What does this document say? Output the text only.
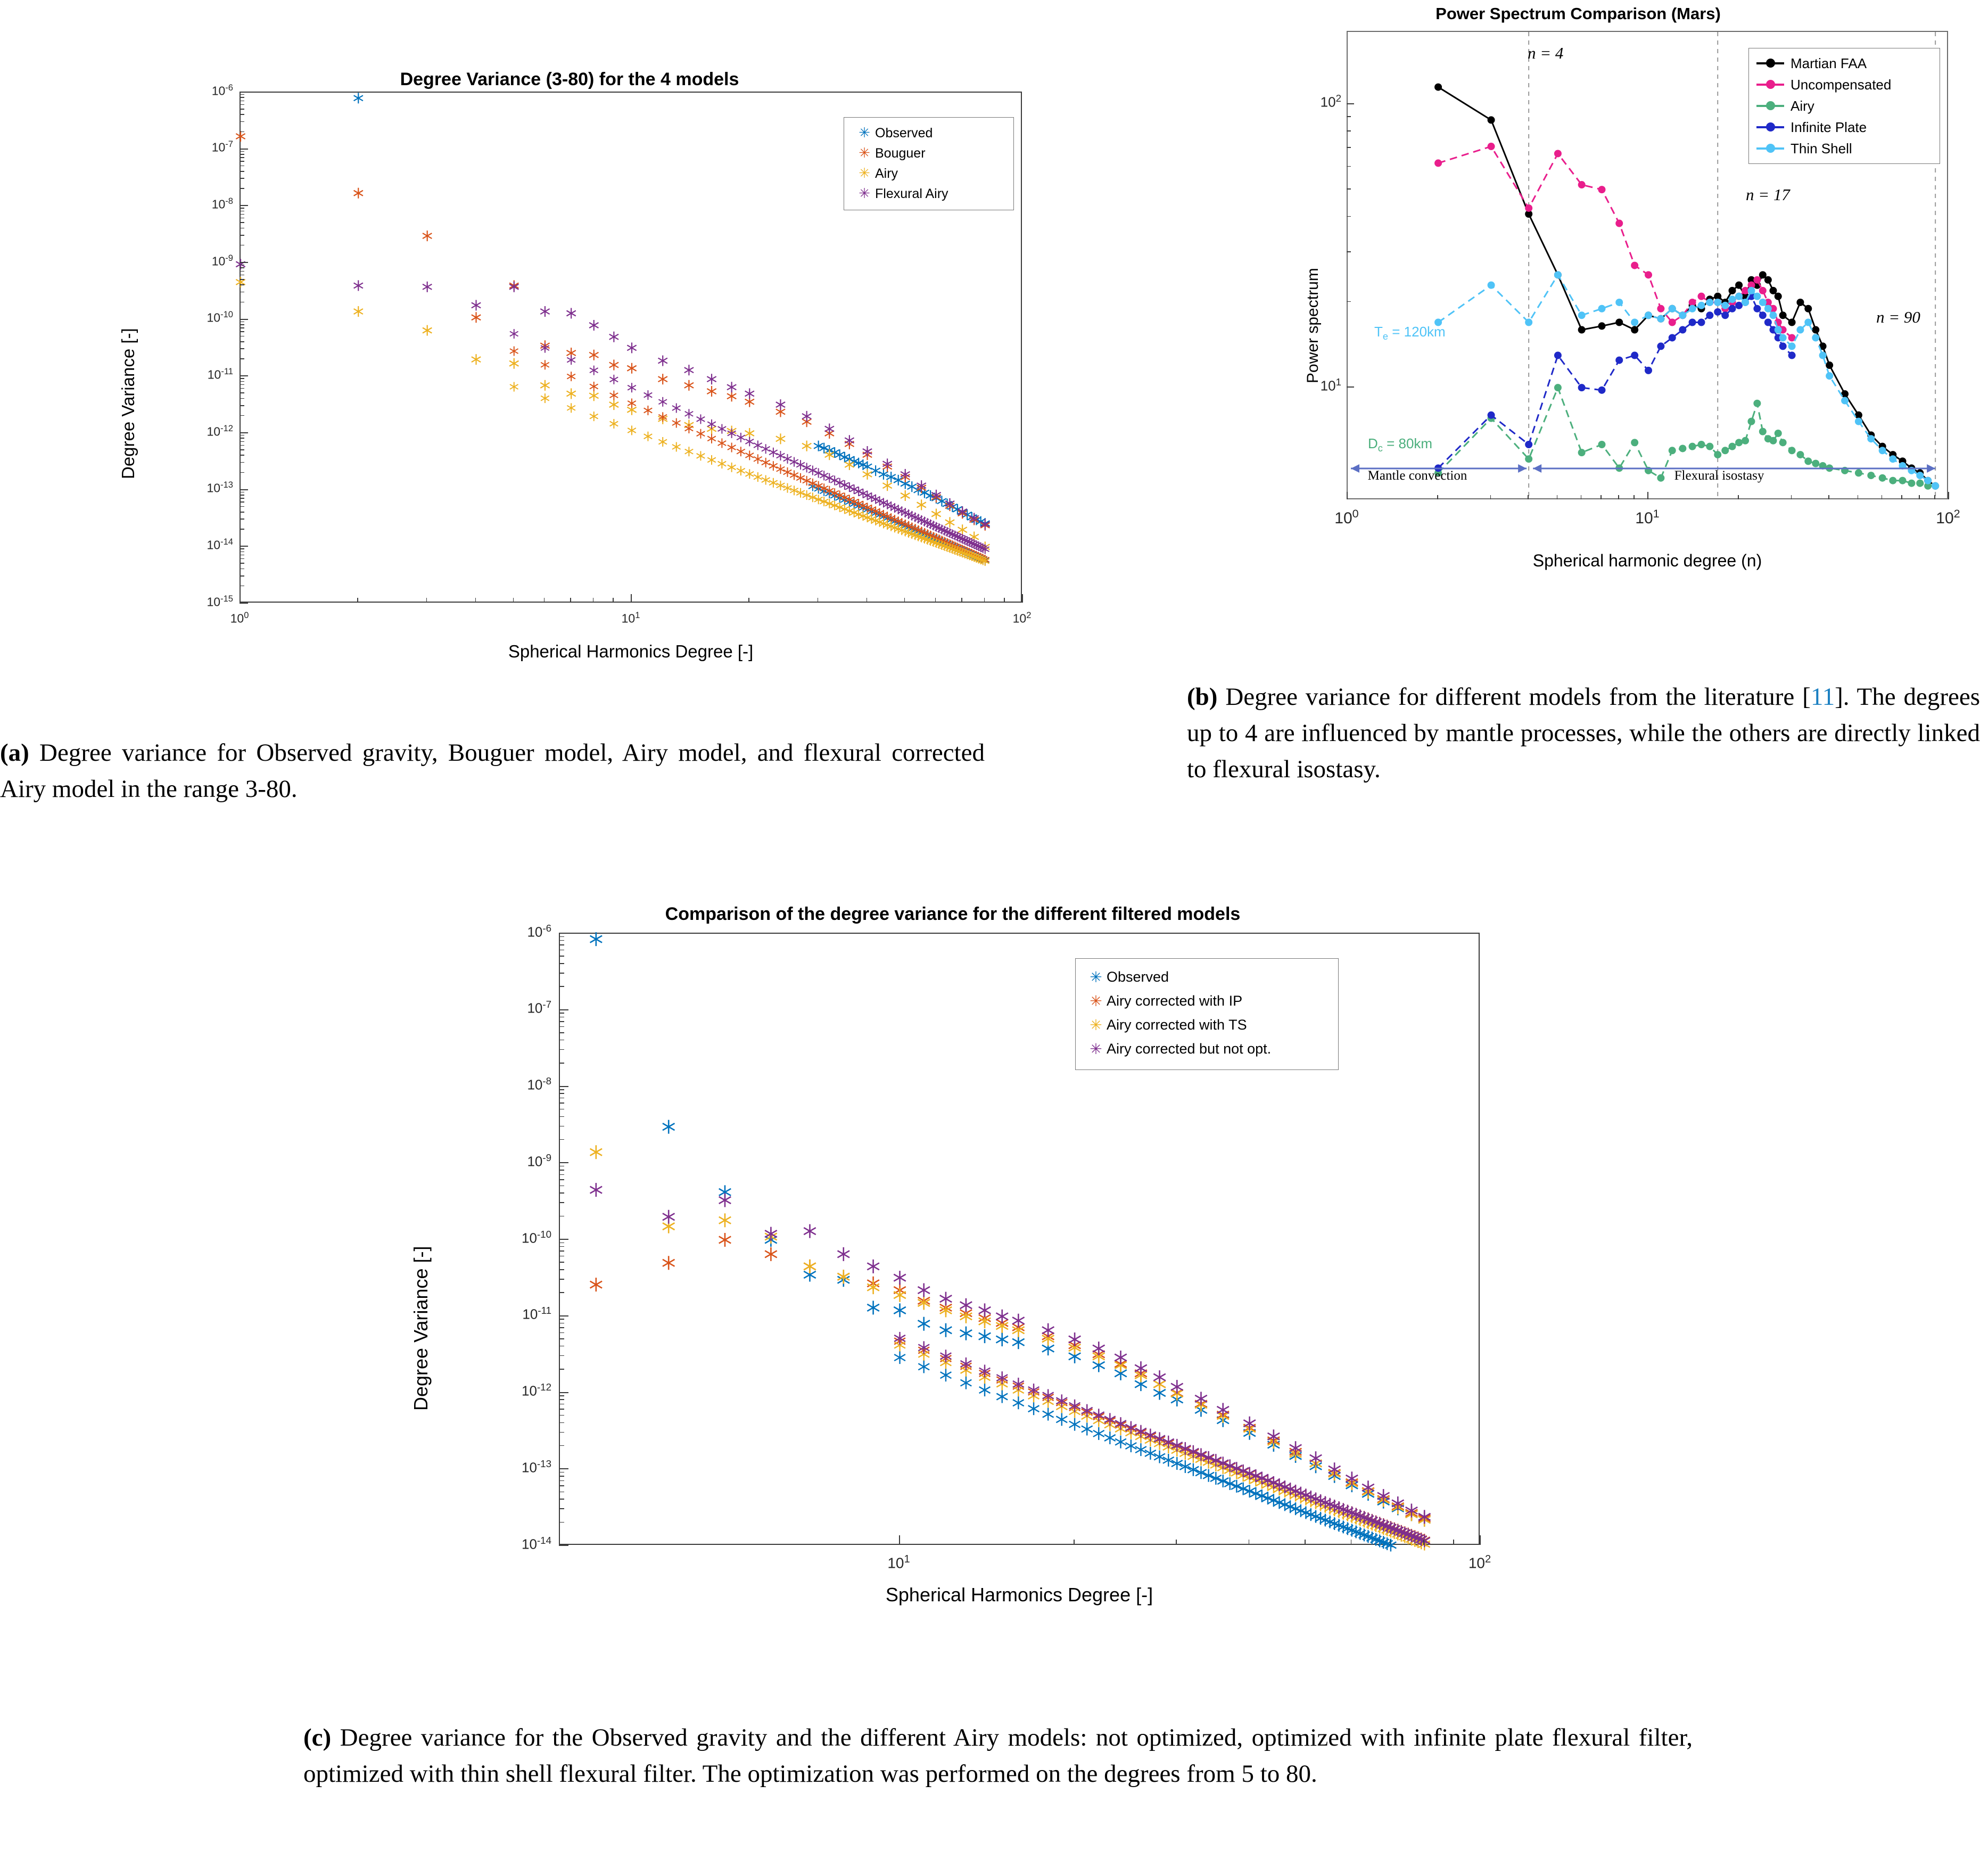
Degree Variance (3-80) for the 4 models
Degree Variance [-]
$10^{-6}$
$10^{-7}$
$10^{-8}$
$10^{-9}$
$10^{-10}$
$10^{-11}$
$10^{-12}$
$10^{-13}$
$10^{-14}$
$10^{-15}$
$10^0$	$10^1$	$10^2$
Spherical Harmonics Degree [-]
✳ Observed
✳ Bouguer
✳ Airy
✳ Flexural Airy
Power Spectrum Comparison (Mars)
Power spectrum
$10^2$
$10^1$
$10^0$	$10^1$	$10^2$
Spherical harmonic degree (n)
Martian FAA
Uncompensated
Airy
Infinite Plate
Thin Shell
n = 4
n = 17
n = 90
$T_e = 120km$
$D_c = 80km$
Mantle convection	Flexural isostasy
(a) Degree variance for Observed gravity, Bouguer model, Airy model, and flexural corrected Airy model in the range 3-80.
(b) Degree variance for different models from the literature [11]. The degrees up to 4 are influenced by mantle processes, while the others are directly linked to flexural isostasy.
Comparison of the degree variance for the different filtered models
Degree Variance [-]
$10^{-6}$
$10^{-7}$
$10^{-8}$
$10^{-9}$
$10^{-10}$
$10^{-11}$
$10^{-12}$
$10^{-13}$
$10^{-14}$
$10^1$	$10^2$
Spherical Harmonics Degree [-]
✳ Observed
✳ Airy corrected with IP
✳ Airy corrected with TS
✳ Airy corrected but not opt.
(c) Degree variance for the Observed gravity and the different Airy models: not optimized, optimized with infinite plate flexural filter, optimized with thin shell flexural filter. The optimization was performed on the degrees from 5 to 80.
